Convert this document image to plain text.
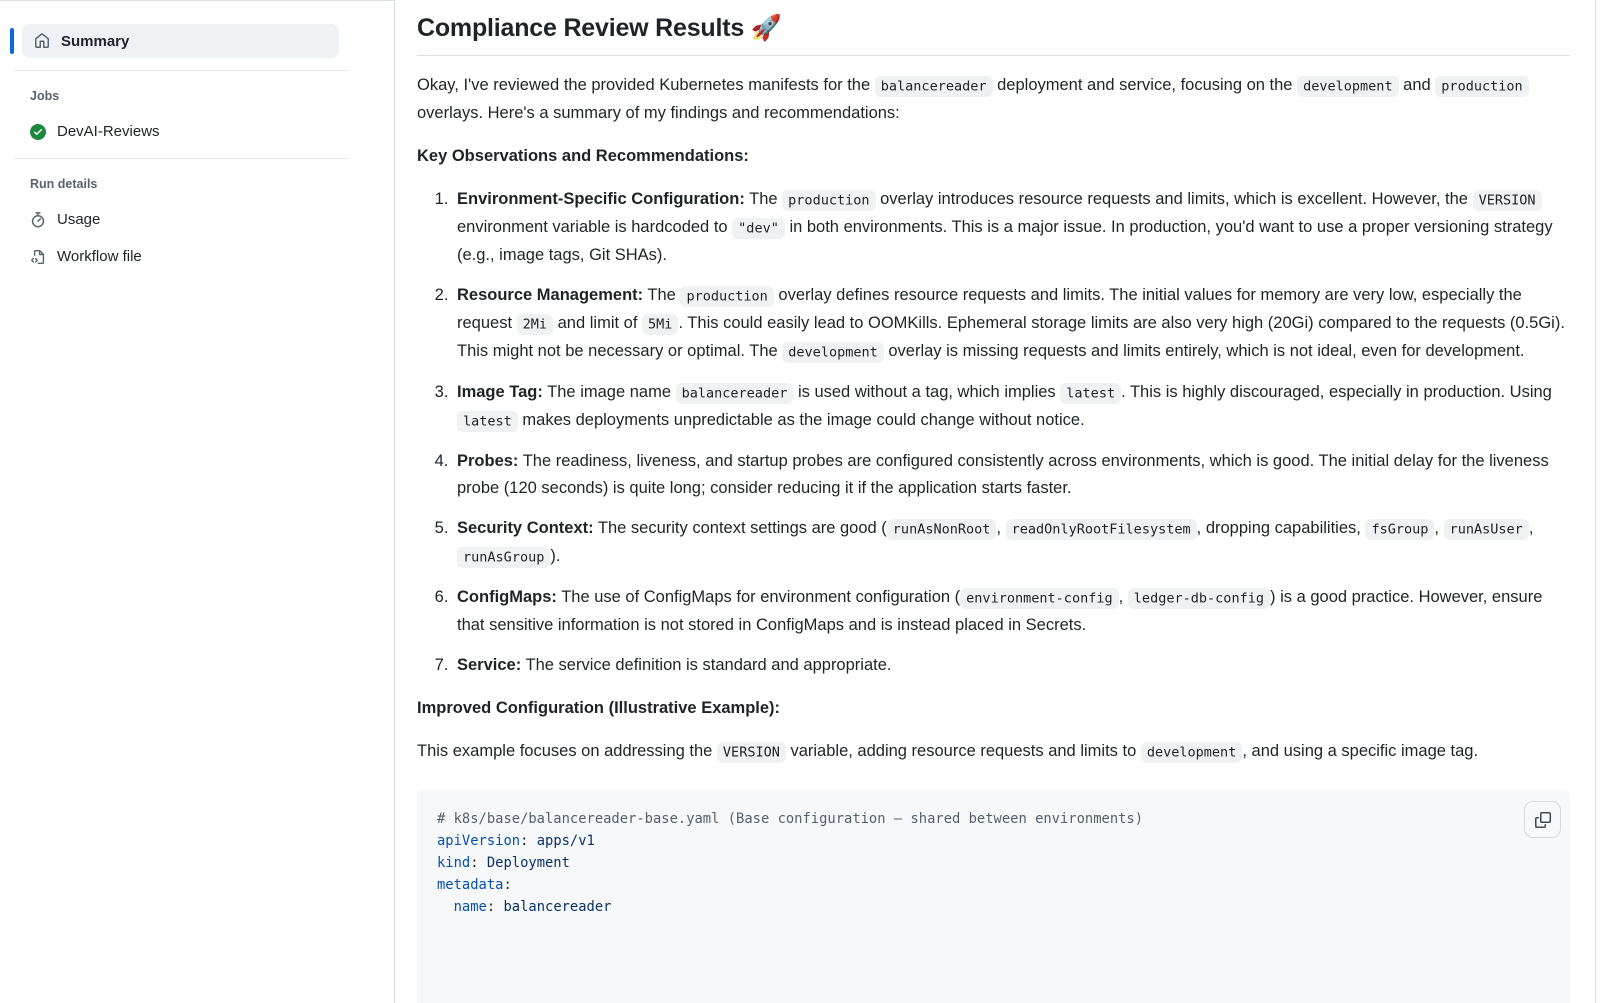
Summary
Jobs
DevAI-Reviews
Run details
Usage
Workflow file
Compliance Review Results 🚀

Okay, I've reviewed the provided Kubernetes manifests for the balancereader deployment and service, focusing on the development and production overlays. Here's a summary of my findings and recommendations:

Key Observations and Recommendations:

1. Environment-Specific Configuration: The production overlay introduces resource requests and limits, which is excellent. However, the VERSION environment variable is hardcoded to "dev" in both environments. This is a major issue. In production, you'd want to use a proper versioning strategy (e.g., image tags, Git SHAs).
2. Resource Management: The production overlay defines resource requests and limits. The initial values for memory are very low, especially the request 2Mi and limit of 5Mi . This could easily lead to OOMKills. Ephemeral storage limits are also very high (20Gi) compared to the requests (0.5Gi). This might not be necessary or optimal. The development overlay is missing requests and limits entirely, which is not ideal, even for development.
3. Image Tag: The image name balancereader is used without a tag, which implies latest . This is highly discouraged, especially in production. Using latest makes deployments unpredictable as the image could change without notice.
4. Probes: The readiness, liveness, and startup probes are configured consistently across environments, which is good. The initial delay for the liveness probe (120 seconds) is quite long; consider reducing it if the application starts faster.
5. Security Context: The security context settings are good ( runAsNonRoot , readOnlyRootFilesystem , dropping capabilities, fsGroup , runAsUser , runAsGroup ).
6. ConfigMaps: The use of ConfigMaps for environment configuration ( environment-config , ledger-db-config ) is a good practice. However, ensure that sensitive information is not stored in ConfigMaps and is instead placed in Secrets.
7. Service: The service definition is standard and appropriate.

Improved Configuration (Illustrative Example):

This example focuses on addressing the VERSION variable, adding resource requests and limits to development , and using a specific image tag.

# k8s/base/balancereader-base.yaml (Base configuration — shared between environments)
apiVersion: apps/v1
kind: Deployment
metadata:
name: balancereader
